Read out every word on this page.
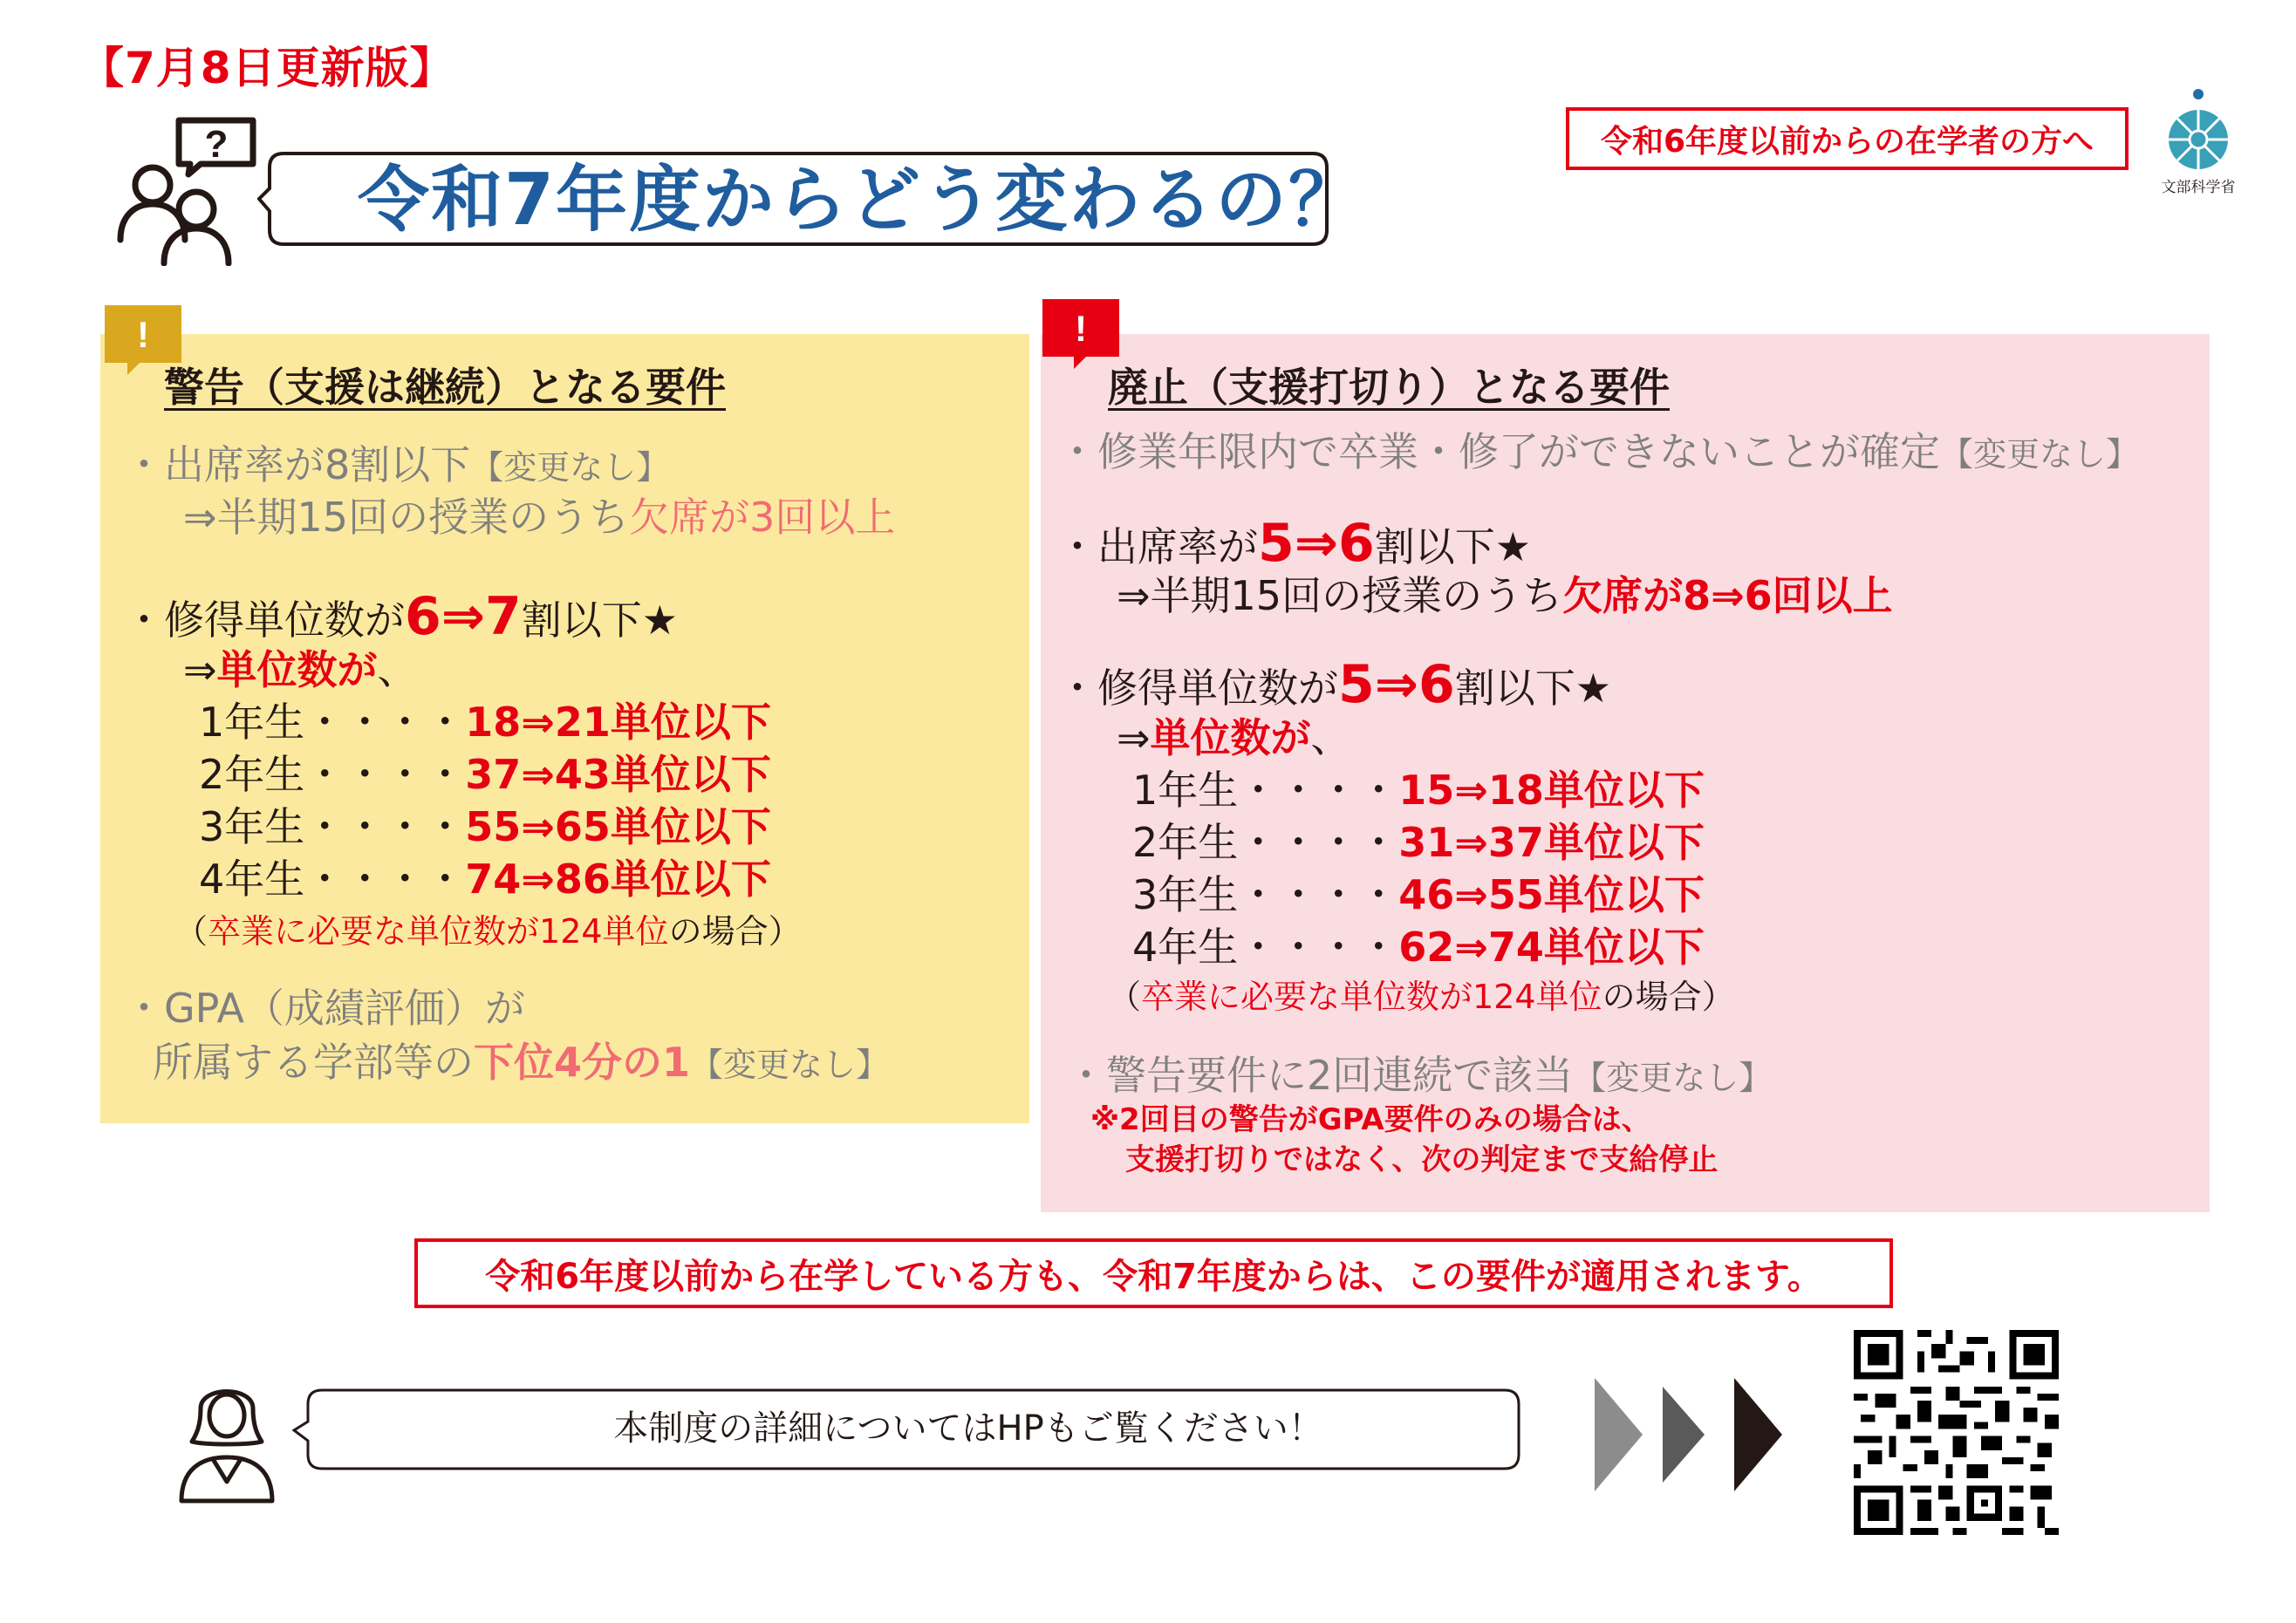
【7月8日更新版】
令和6年度以前からの在学者の方へ
文部科学省
?
令和7年度からどう変わるの？
!
警告（支援は継続）となる要件
・出席率が8割以下【変更なし】
⇒半期15回の授業のうち欠席が3回以上
・修得単位数が6⇒7割以下★
⇒単位数が、
1年生・・・・18⇒21単位以下
2年生・・・・37⇒43単位以下
3年生・・・・55⇒65単位以下
4年生・・・・74⇒86単位以下
（卒業に必要な単位数が124単位の場合）
・GPA（成績評価）が
所属する学部等の下位4分の1【変更なし】
!
廃止（支援打切り）となる要件
・修業年限内で卒業・修了ができないことが確定【変更なし】
・出席率が5⇒6割以下★
⇒半期15回の授業のうち欠席が8⇒6回以上
・修得単位数が5⇒6割以下★
⇒単位数が、
1年生・・・・15⇒18単位以下
2年生・・・・31⇒37単位以下
3年生・・・・46⇒55単位以下
4年生・・・・62⇒74単位以下
（卒業に必要な単位数が124単位の場合）
・警告要件に2回連続で該当【変更なし】
※2回目の警告がGPA要件のみの場合は、
支援打切りではなく、次の判定まで支給停止
令和6年度以前から在学している方も、令和7年度からは、この要件が適用されます。
本制度の詳細についてはHPもご覧ください！
